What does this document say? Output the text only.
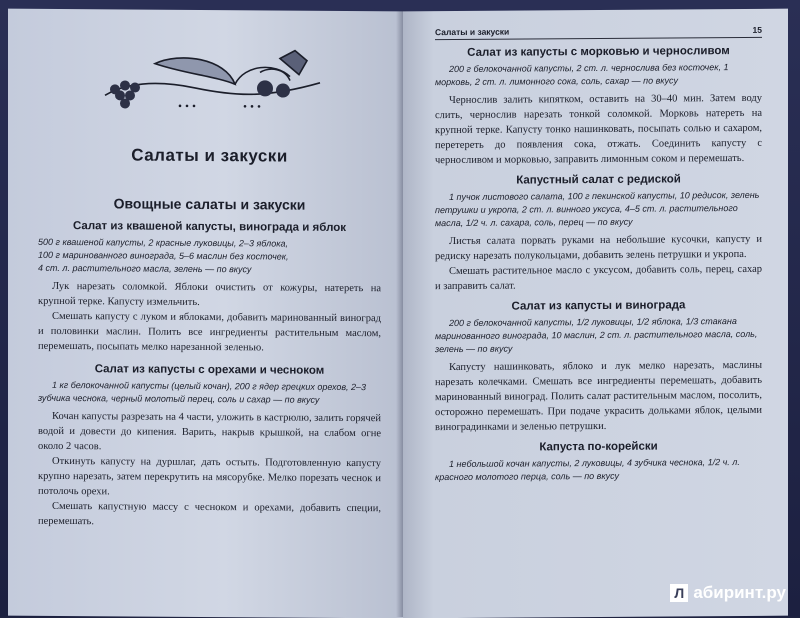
Салаты и закуски
Овощные салаты и закуски
Салат из квашеной капусты, винограда и яблок

500 г квашеной капусты, 2 красные луковицы, 2–3 яблока,

100 г маринованного винограда, 5–6 маслин без косточек,

4 ст. л. растительного масла, зелень — по вкусу

Лук нарезать соломкой. Яблоки очистить от кожуры, натереть на крупной терке. Капусту измельчить.

Смешать капусту с луком и яблоками, добавить маринованный виноград и половинки маслин. Полить все ингредиенты растительным маслом, перемешать, посыпать мелко нарезанной зеленью.

Салат из капусты с орехами и чесноком

1 кг белокочанной капусты (целый кочан), 200 г ядер грецких орехов, 2–3 зубчика чеснока, черный молотый перец, соль и сахар — по вкусу

Кочан капусты разрезать на 4 части, уложить в кастрюлю, залить горячей водой и довести до кипения. Варить, накрыв крышкой, на слабом огне около 2 часов.

Откинуть капусту на дуршлаг, дать остыть. Подготовленную капусту крупно нарезать, затем перекрутить на мясорубке. Мелко порезать чеснок и потолочь орехи.

Смешать капустную массу с чесноком и орехами, добавить специи, перемешать.

Салаты и закуски	15
Салат из капусты с морковью и черносливом

200 г белокочанной капусты, 2 ст. л. чернослива без косточек, 1 морковь, 2 ст. л. лимонного сока, соль, сахар — по вкусу

Чернослив залить кипятком, оставить на 30–40 мин. Затем воду слить, чернослив нарезать тонкой соломкой. Морковь натереть на крупной терке. Капусту тонко нашинковать, посыпать солью и сахаром, перетереть до появления сока, отжать. Соединить капусту с черносливом и морковью, заправить лимонным соком и перемешать.

Капустный салат с редиской

1 пучок листового салата, 100 г пекинской капусты, 10 редисок, зелень петрушки и укропа, 2 ст. л. винного уксуса, 4–5 ст. л. растительного масла, 1/2 ч. л. сахара, соль, перец — по вкусу

Листья салата порвать руками на небольшие кусочки, капусту и редиску нарезать полукольцами, добавить зелень петрушки и укропа.

Смешать растительное масло с уксусом, добавить соль, перец, сахар и заправить салат.

Салат из капусты и винограда

200 г белокочанной капусты, 1/2 луковицы, 1/2 яблока, 1/3 стакана маринованного винограда, 10 маслин, 2 ст. л. растительного масла, соль, зелень — по вкусу

Капусту нашинковать, яблоко и лук мелко нарезать, маслины нарезать колечками. Смешать все ингредиенты перемешать, добавить маринованный виноград. Полить салат растительным маслом, посолить, осторожно перемешать. При подаче украсить дольками яблок, целыми виноградинками и зеленью петрушки.

Капуста по-корейски

1 небольшой кочан капусты, 2 луковицы, 4 зубчика чеснока, 1/2 ч. л. красного молотого перца, соль — по вкусу

Л абиринт.ру
